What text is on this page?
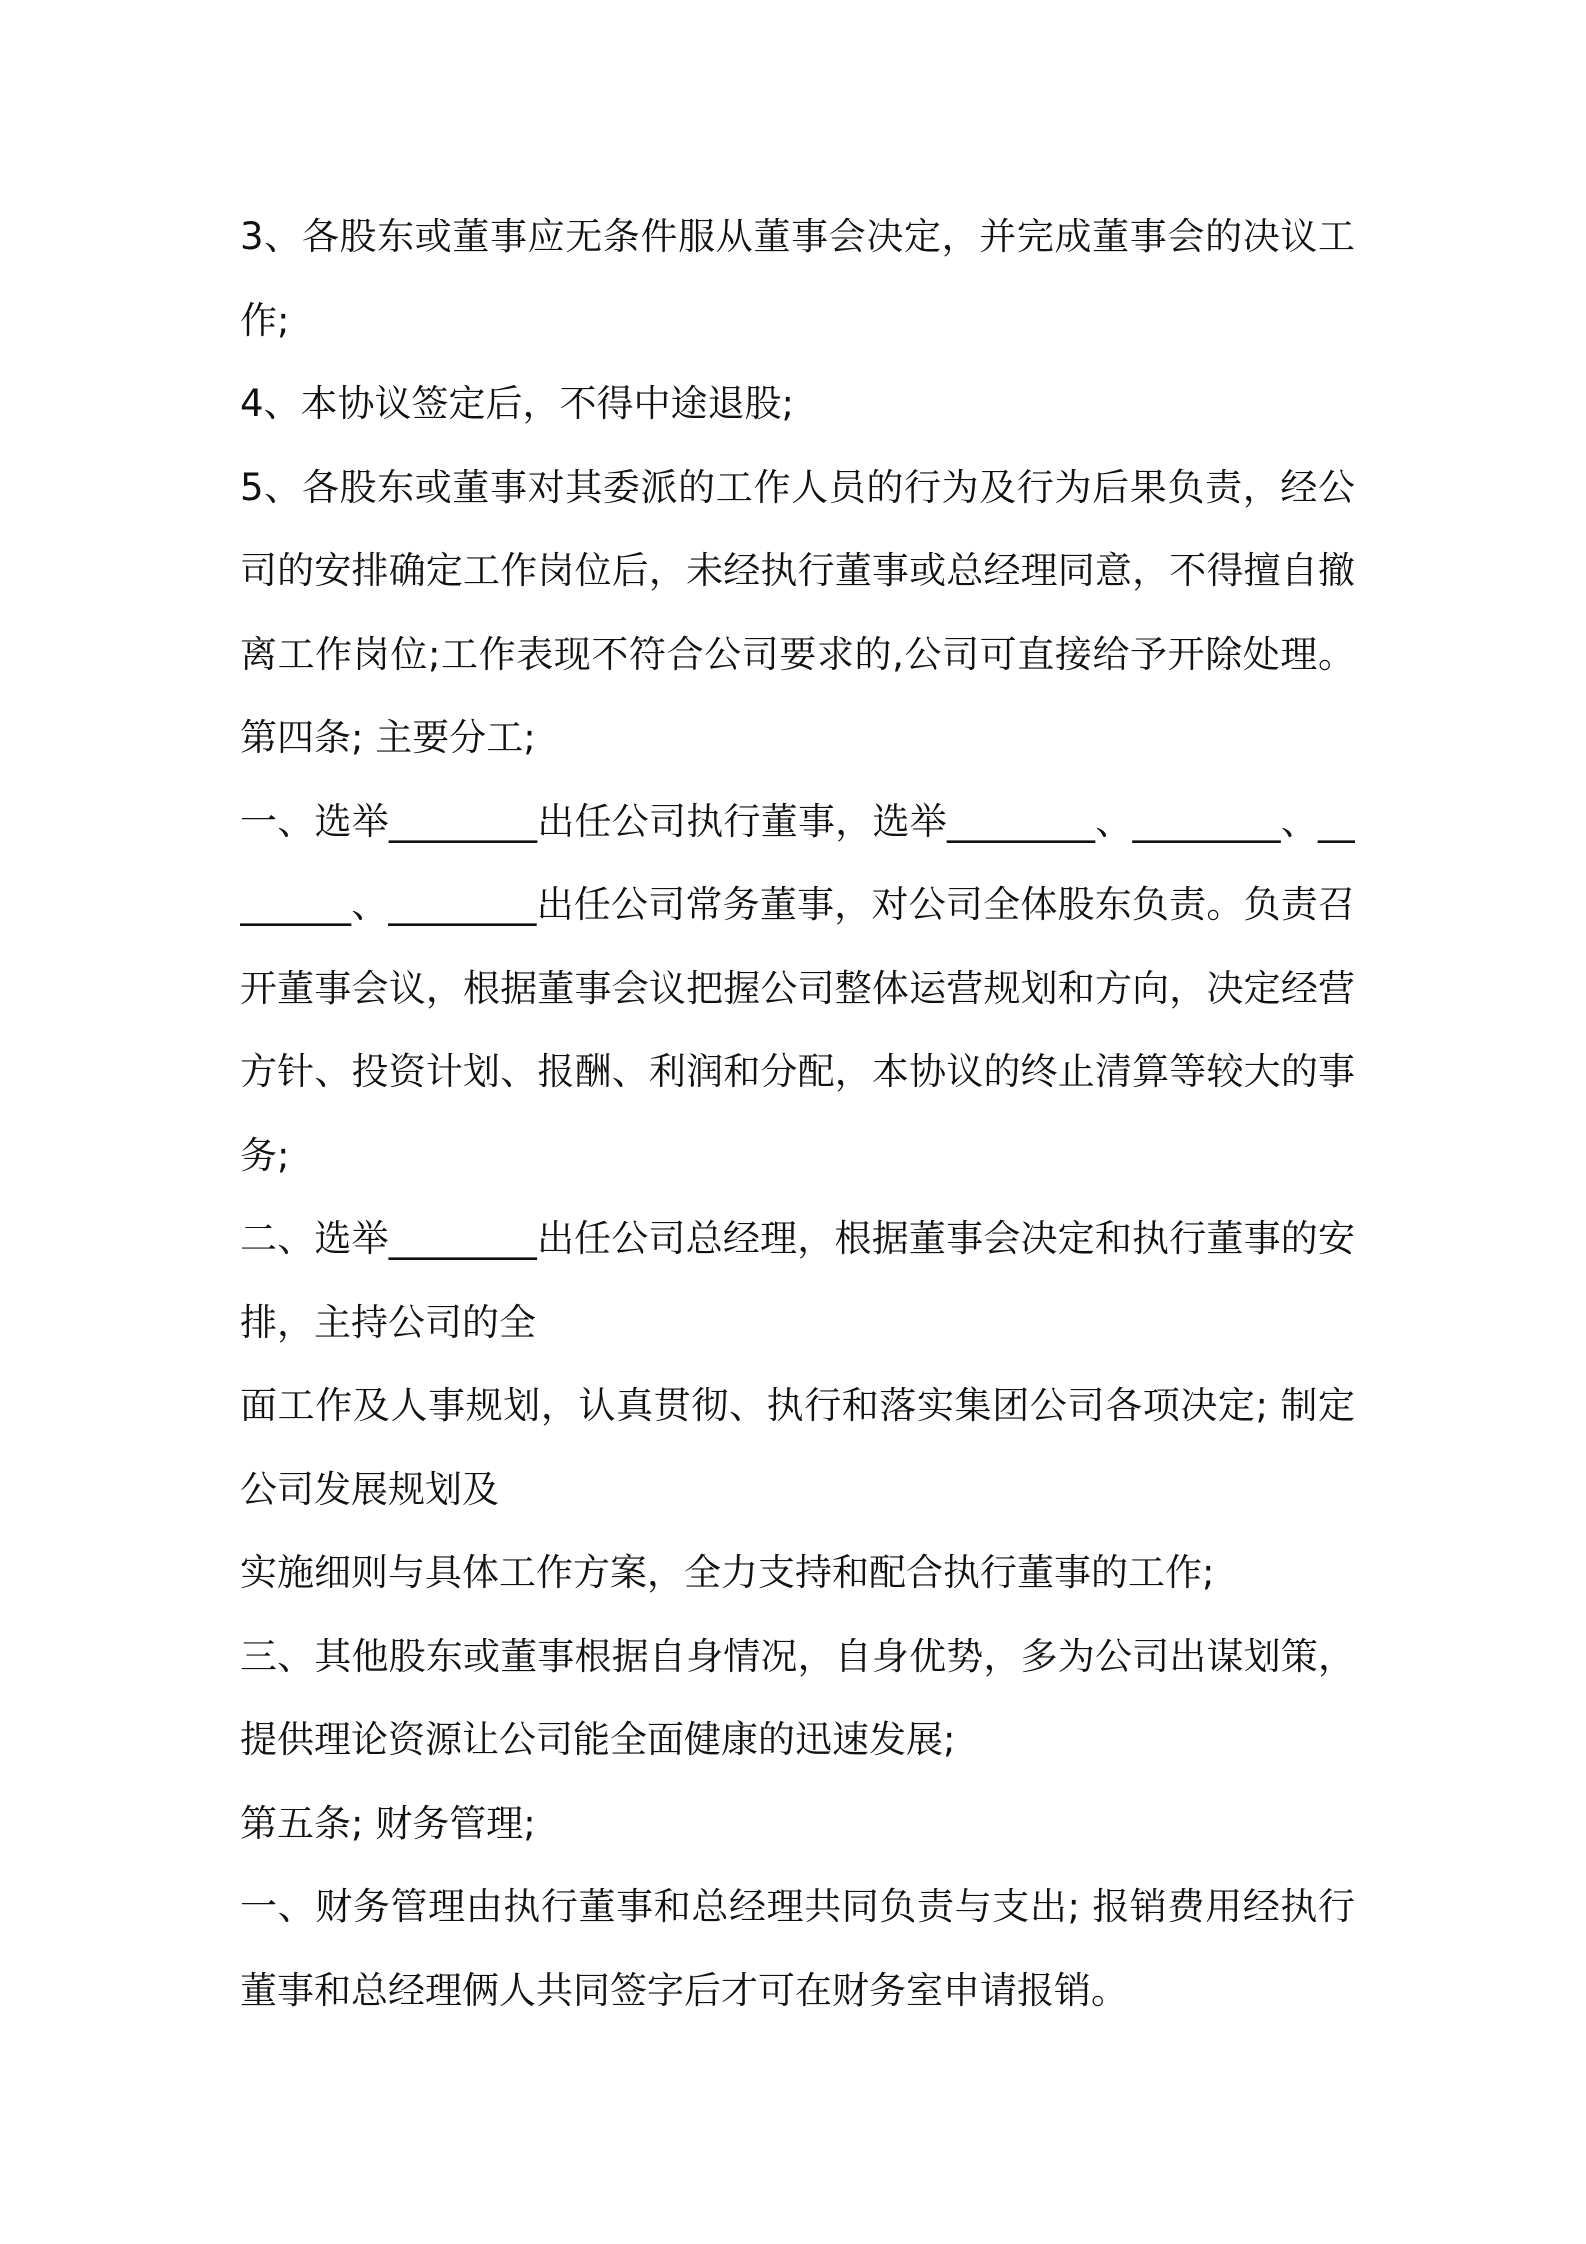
3、各股东或董事应无条件服从董事会决定，并完成董事会的决议工
作;
4、本协议签定后，不得中途退股;
5、各股东或董事对其委派的工作人员的行为及行为后果负责，经公
司的安排确定工作岗位后，未经执行董事或总经理同意，不得擅自撤
离工作岗位;工作表现不符合公司要求的,公司可直接给予开除处理。
第四条; 主要分工;
一、选举________出任公司执行董事，选举________、________、__
______、________出任公司常务董事，对公司全体股东负责。负责召
开董事会议，根据董事会议把握公司整体运营规划和方向，决定经营
方针、投资计划、报酬、利润和分配，本协议的终止清算等较大的事
务;
二、选举________出任公司总经理，根据董事会决定和执行董事的安
排，主持公司的全
面工作及人事规划，认真贯彻、执行和落实集团公司各项决定; 制定
公司发展规划及
实施细则与具体工作方案，全力支持和配合执行董事的工作;
三、其他股东或董事根据自身情况，自身优势，多为公司出谋划策，
提供理论资源让公司能全面健康的迅速发展;
第五条; 财务管理;
一、财务管理由执行董事和总经理共同负责与支出; 报销费用经执行
董事和总经理俩人共同签字后才可在财务室申请报销。
